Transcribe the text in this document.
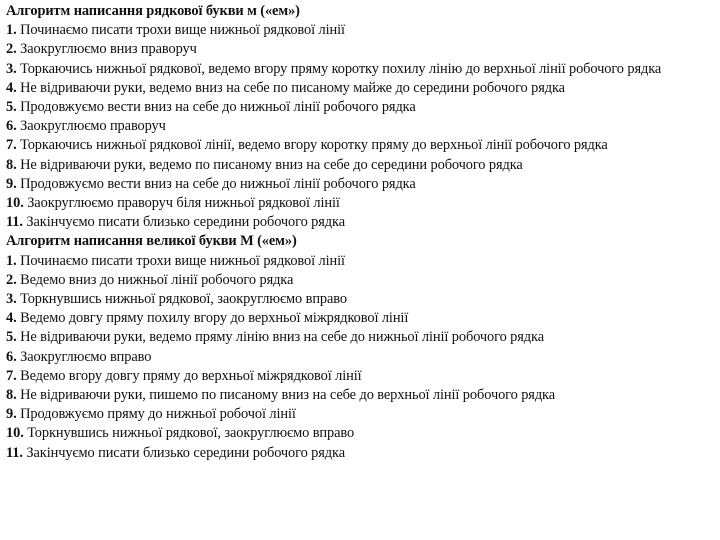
Алгоритм написання рядкової букви м («ем»)
1. Починаємо писати трохи вище нижньої рядкової лінії
2. Заокруглюємо вниз праворуч
3. Торкаючись нижньої рядкової, ведемо вгору пряму коротку похилу лінію до верхньої лінії робочого рядка
4. Не відриваючи руки, ведемо вниз на себе по писаному майже до середини робочого рядка
5. Продовжуємо вести вниз на себе до нижньої лінії робочого рядка
6. Заокруглюємо праворуч
7. Торкаючись нижньої рядкової лінії, ведемо вгору коротку пряму до верхньої лінії робочого рядка
8. Не відриваючи руки, ведемо по писаному вниз на себе до середини робочого рядка
9. Продовжуємо вести вниз на себе до нижньої лінії робочого рядка
10. Заокруглюємо праворуч біля нижньої рядкової лінії
11. Закінчуємо писати близько середини робочого рядка
Алгоритм написання великої букви М («ем»)
1. Починаємо писати трохи вище нижньої рядкової лінії
2. Ведемо вниз до нижньої лінії робочого рядка
3. Торкнувшись нижньої рядкової, заокруглюємо вправо
4. Ведемо довгу пряму похилу вгору до верхньої міжрядкової лінії
5. Не відриваючи руки, ведемо пряму лінію вниз на себе до нижньої лінії робочого рядка
6. Заокруглюємо вправо
7. Ведемо вгору довгу пряму до верхньої міжрядкової лінії
8. Не відриваючи руки, пишемо по писаному вниз на себе до верхньої лінії робочого рядка
9. Продовжуємо пряму до нижньої робочої лінії
10. Торкнувшись нижньої рядкової, заокруглюємо вправо
11. Закінчуємо писати близько середини робочого рядка
